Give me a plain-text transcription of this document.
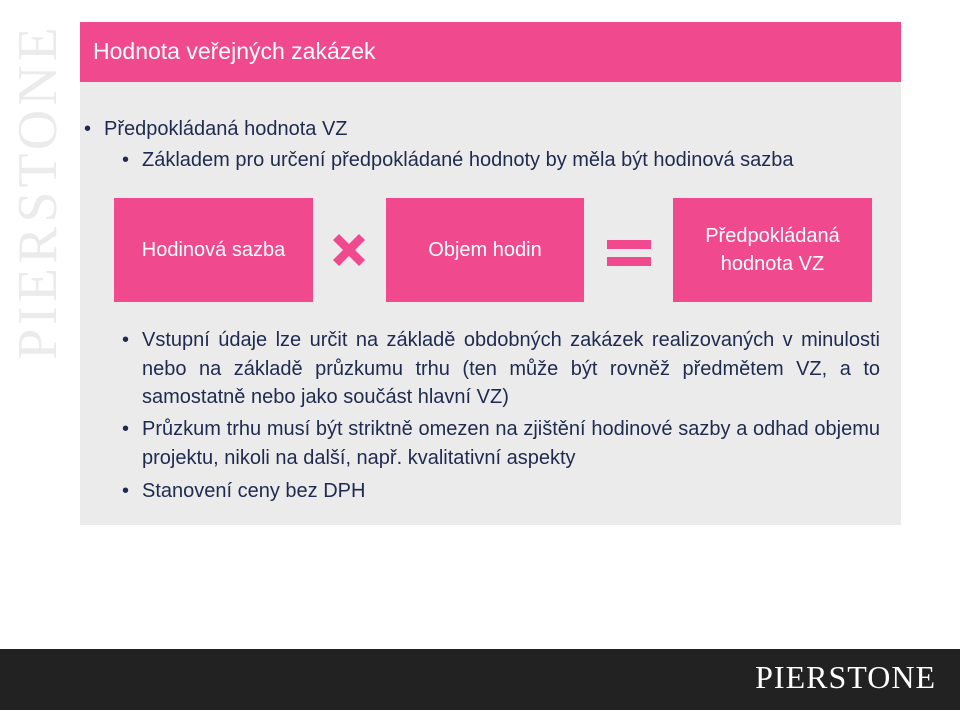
PIERSTONE Hodnota veřejných zakázek
• Předpokládaná hodnota VZ
• Základem pro určení předpokládané hodnoty by měla být hodinová sazba
Hodinová sazba	Objem hodin
Předpokládaná hodnota VZ
• Vstupní údaje lze určit na základě obdobných zakázek realizovaných v minulosti nebo na základě průzkumu trhu (ten může být rovněž předmětem VZ, a to samostatně nebo jako součást hlavní VZ)
• Průzkum trhu musí být striktně omezen na zjištění hodinové sazby a odhad objemu projektu, nikoli na další, např. kvalitativní aspekty
• Stanovení ceny bez DPH
PIERSTONE
